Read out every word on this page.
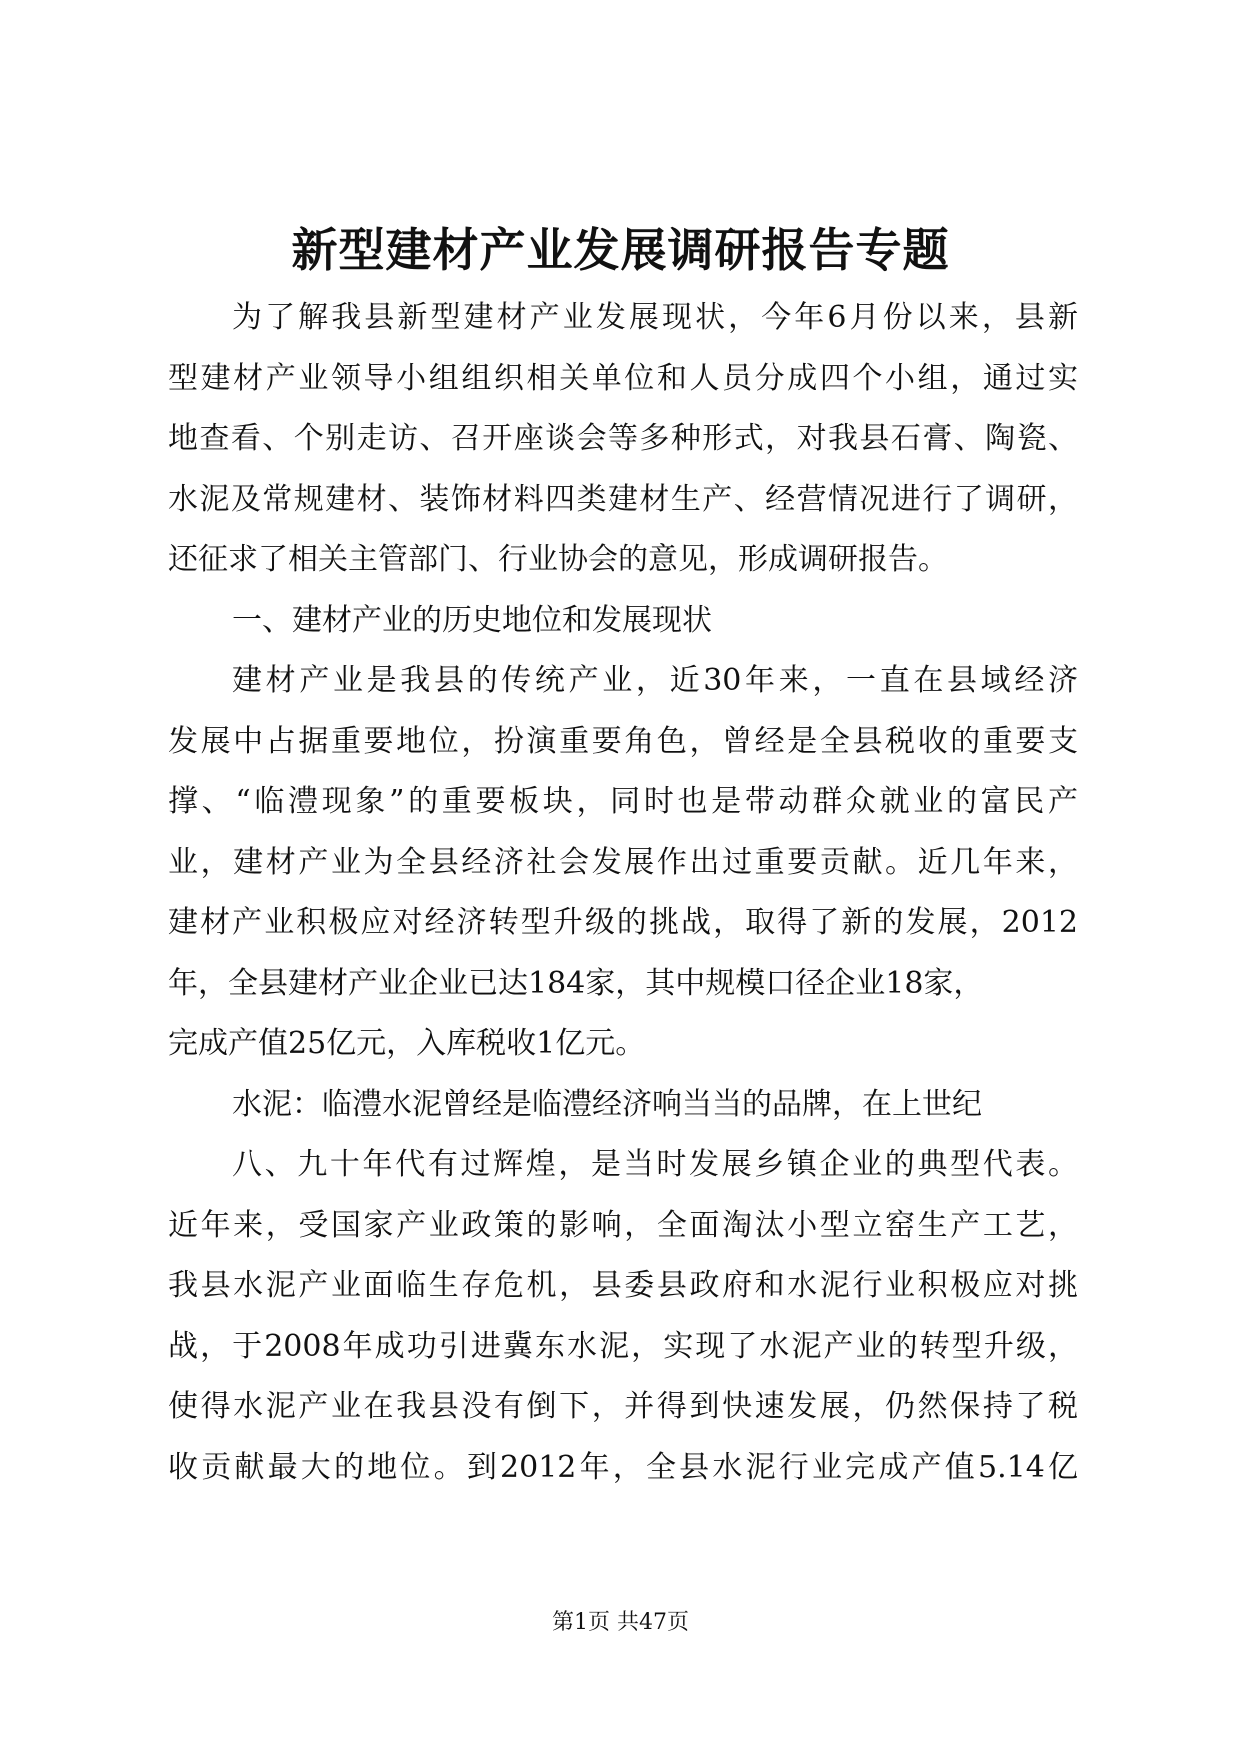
新型建材产业发展调研报告专题
为了解我县新型建材产业发展现状，今年6月份以来，县新
型建材产业领导小组组织相关单位和人员分成四个小组，通过实
地查看、个别走访、召开座谈会等多种形式，对我县石膏、陶瓷、
水泥及常规建材、装饰材料四类建材生产、经营情况进行了调研，
还征求了相关主管部门、行业协会的意见，形成调研报告。
一、建材产业的历史地位和发展现状
建材产业是我县的传统产业，近30年来，一直在县域经济
发展中占据重要地位，扮演重要角色，曾经是全县税收的重要支
撑、“临澧现象”的重要板块，同时也是带动群众就业的富民产
业，建材产业为全县经济社会发展作出过重要贡献。近几年来，
建材产业积极应对经济转型升级的挑战，取得了新的发展，2012
年，全县建材产业企业已达184家，其中规模口径企业18家，
完成产值25亿元，入库税收1亿元。
水泥：临澧水泥曾经是临澧经济响当当的品牌，在上世纪
八、九十年代有过辉煌，是当时发展乡镇企业的典型代表。
近年来，受国家产业政策的影响，全面淘汰小型立窑生产工艺，
我县水泥产业面临生存危机，县委县政府和水泥行业积极应对挑
战，于2008年成功引进冀东水泥，实现了水泥产业的转型升级，
使得水泥产业在我县没有倒下，并得到快速发展，仍然保持了税
收贡献最大的地位。到2012年，全县水泥行业完成产值5.14亿
第1页 共47页
